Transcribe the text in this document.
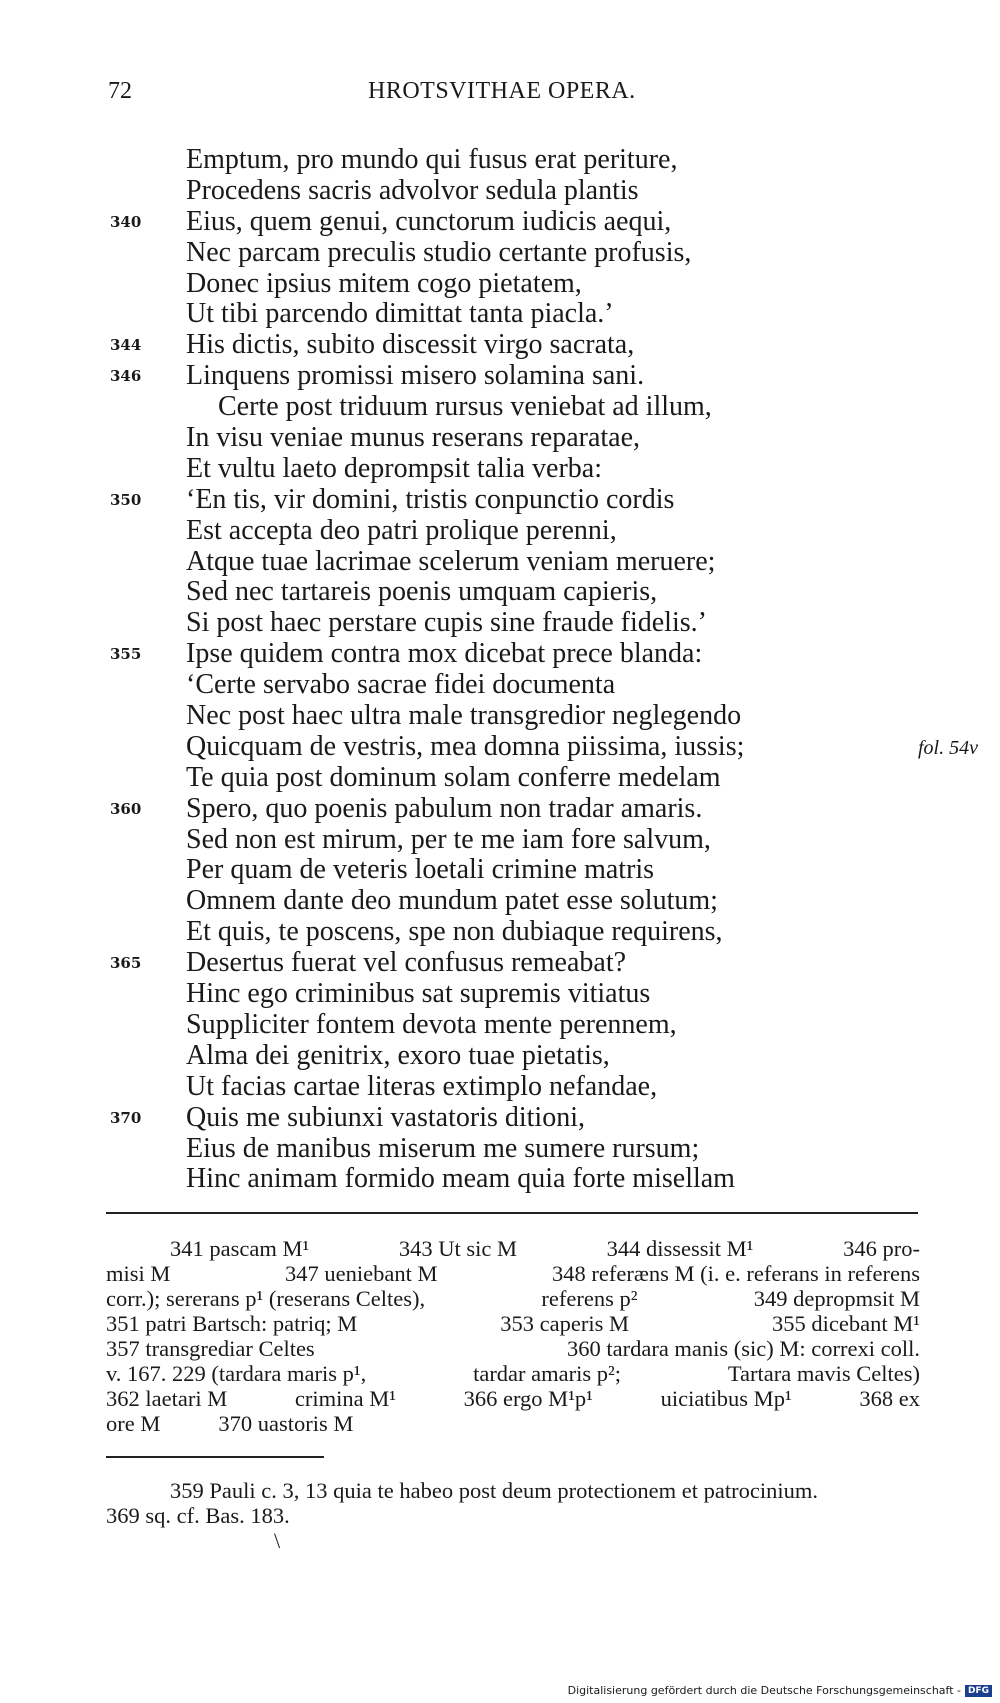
72	HROTSVITHAE OPERA.
Emptum, pro mundo qui fusus erat periture,
Procedens sacris advolvor sedula plantis
340 Eius, quem genui, cunctorum iudicis aequi,
Nec parcam preculis studio certante profusis,
Donec ipsius mitem cogo pietatem,
Ut tibi parcendo dimittat tanta piacla.’
344 His dictis, subito discessit virgo sacrata,
346 Linquens promissi misero solamina sani.
Certe post triduum rursus veniebat ad illum,
In visu veniae munus reserans reparatae,
Et vultu laeto deprompsit talia verba:
350 ‘En tis, vir domini, tristis conpunctio cordis
Est accepta deo patri prolique perenni,
Atque tuae lacrimae scelerum veniam meruere;
Sed nec tartareis poenis umquam capieris,
Si post haec perstare cupis sine fraude fidelis.’
355 Ipse quidem contra mox dicebat prece blanda:
‘Certe servabo sacrae fidei documenta
Nec post haec ultra male transgredior neglegendo
Quicquam de vestris, mea domna piissima, iussis;	fol. 54v
Te quia post dominum solam conferre medelam
360 Spero, quo poenis pabulum non tradar amaris.
Sed non est mirum, per te me iam fore salvum,
Per quam de veteris loetali crimine matris
Omnem dante deo mundum patet esse solutum;
Et quis, te poscens, spe non dubiaque requirens,
365 Desertus fuerat vel confusus remeabat?
Hinc ego criminibus sat supremis vitiatus
Suppliciter fontem devota mente perennem,
Alma dei genitrix, exoro tuae pietatis,
Ut facias cartae literas extimplo nefandae,
370 Quis me subiunxi vastatoris ditioni,
Eius de manibus miserum me sumere rursum;
Hinc animam formido meam quia forte misellam
341 pascam M¹	343 Ut sic M	344 dissessit M¹	346 pro-
misi M	347 ueniebant M	348 referæns M (i. e. referans in referens
corr.); sererans p¹ (reserans Celtes),	referens p²	349 depropmsit M
351 patri Bartsch: patriq; M	353 caperis M	355 dicebant M¹
357 transgrediar Celtes	360 tardara manis (sic) M: correxi coll.
v. 167. 229 (tardara maris p¹,	tardar amaris p²;	Tartara mavis Celtes)
362 laetari M	crimina M¹	366 ergo M¹p¹	uiciatibus Mp¹	368 ex
ore M	370 uastoris M
359 Pauli c. 3, 13 quia te habeo post deum protectionem et patrocinium.
369 sq. cf. Bas. 183.
\
Digitalisierung gefördert durch die Deutsche Forschungsgemeinschaft - DFG
